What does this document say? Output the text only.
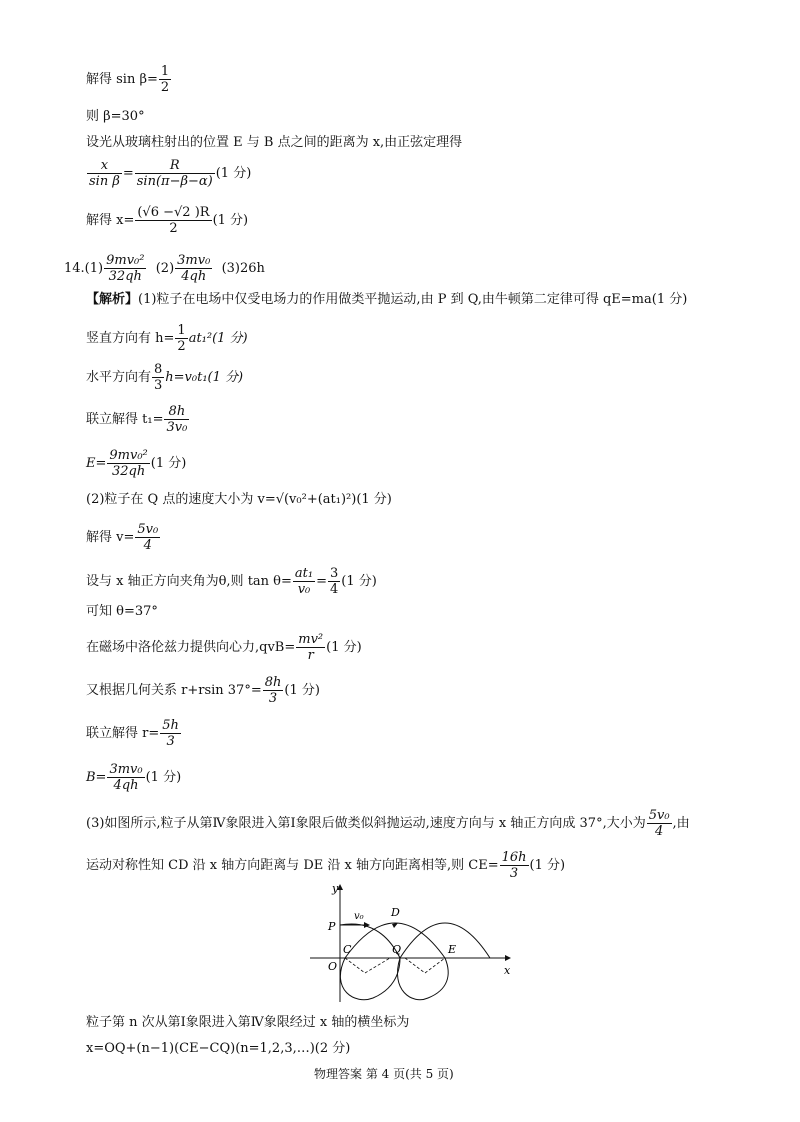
解得 $\sin \beta= \frac{1}{2}$
则 β=30°
设光从玻璃柱射出的位置 E 与 B 点之间的距离为 x,由正弦定理得
$\frac{x}{\text{sin β}} = \frac{R}{\sin(\pi-\beta-\alpha)} (1$ 分)
解得 $x= \frac{(√6 -√2 )R}{2} (1$ 分)
$14.(1) \frac{\text{9mv₀²}}{32qh} (2) \frac{\text{3mv₀}}{4qh} (3)26h$
【解析】(1)粒子在电场中仅受电场力的作用做类平抛运动,由 P 到 Q,由牛顿第二定律可得 qE=ma(1 分)
竖直方向有 $h= \frac{1}{2} at_1^2(1$ 分)
水平方向有 $\frac{8}{3} h=v_0t_1(1$ 分)
联立解得 $t_1= \frac{8h}{\text{3v₀}}$
$E= \frac{\text{9mv₀²}}{32qh} (1$ 分)
(2)粒子在 Q 点的速度大小为 v=√(v₀²+(at₁)²)(1 分)
解得 $v= \frac{\text{5v₀}}{4}$
设与 x 轴正方向夹角为θ,则 $\tan \theta= \frac{\text{at₁}}{\text{v₀}} = \frac{3}{4} (1$ 分)
可知 θ=37°
在磁场中洛伦兹力提供向心力$,qvB= \frac{\text{mv²}}{r} (1$ 分)
又根据几何关系 r+rsin $37^\circ= \frac{8h}{3} (1$ 分)
联立解得 $r= \frac{5h}{3}$
$B= \frac{\text{3mv₀}}{4qh} (1$ 分)
(3)如图所示,粒子从第Ⅳ象限进入第Ⅰ象限后做类似斜抛运动,速度方向与 x 轴正方向成 37°,大小为 $\frac{\text{5v₀}}{4}$ ,由
运动对称性知 CD 沿 x 轴方向距离与 DE 沿 x 轴方向距离相等,则 $CE= \frac{16h}{3} (1$ 分)
y
x
P
v₀ D
C	Q	E
O
粒子第 n 次从第Ⅰ象限进入第Ⅳ象限经过 x 轴的横坐标为
x=OQ+(n−1)(CE−CQ)(n=1,2,3,…)(2 分)
物理答案 第 4 页(共 5 页)
